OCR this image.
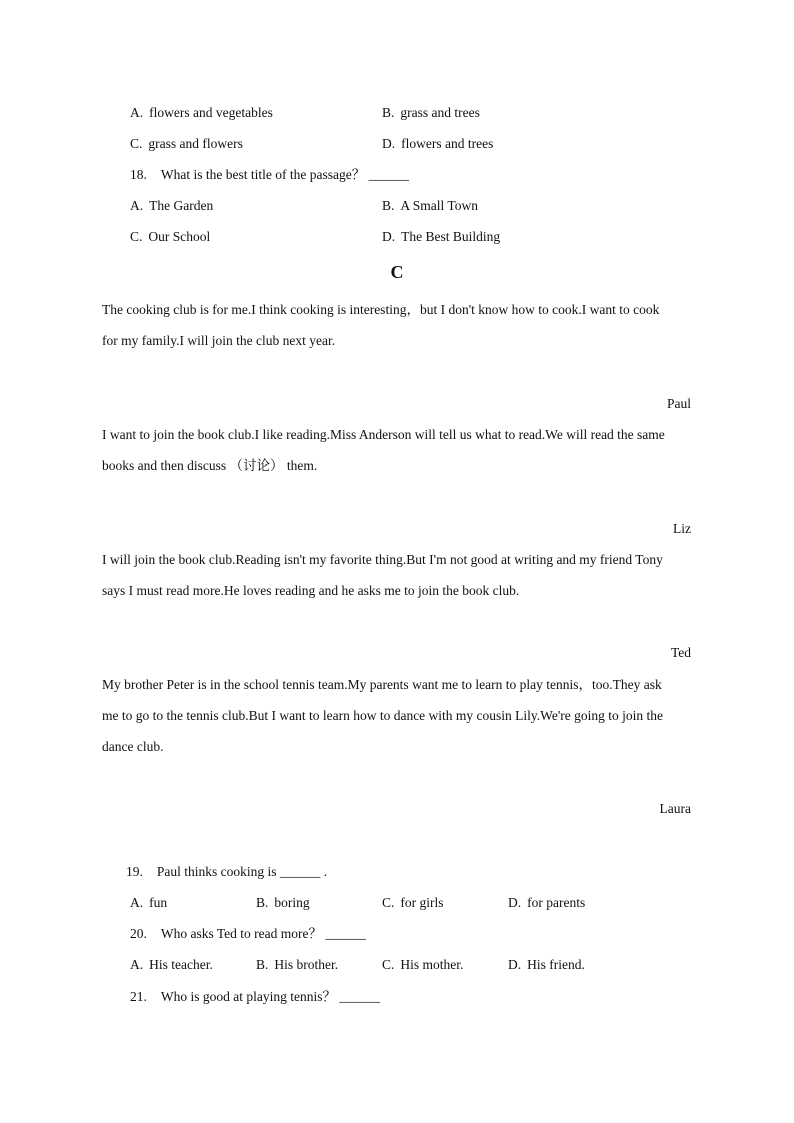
A. flowers and vegetables	B. grass and trees
C. grass and flowers	D. flowers and trees
18. What is the best title of the passage？ ______
A. The Garden	B. A Small Town
C. Our School	D. The Best Building
C
The cooking club is for me.I think cooking is interesting，but I don't know how to cook.I want to cook
for my family.I will join the club next year.
Paul
I want to join the book club.I like reading.Miss Anderson will tell us what to read.We will read the same
books and then discuss （讨论） them.
Liz
I will join the book club.Reading isn't my favorite thing.But I'm not good at writing and my friend Tony
says I must read more.He loves reading and he asks me to join the book club.
Ted
My brother Peter is in the school tennis team.My parents want me to learn to play tennis，too.They ask
me to go to the tennis club.But I want to learn how to dance with my cousin Lily.We're going to join the
dance club.
Laura
19. Paul thinks cooking is ______ .
A. fun	B. boring	C. for girls	D. for parents
20. Who asks Ted to read more？ ______
A. His teacher.	B. His brother.	C. His mother.	D. His friend.
21. Who is good at playing tennis？ ______
